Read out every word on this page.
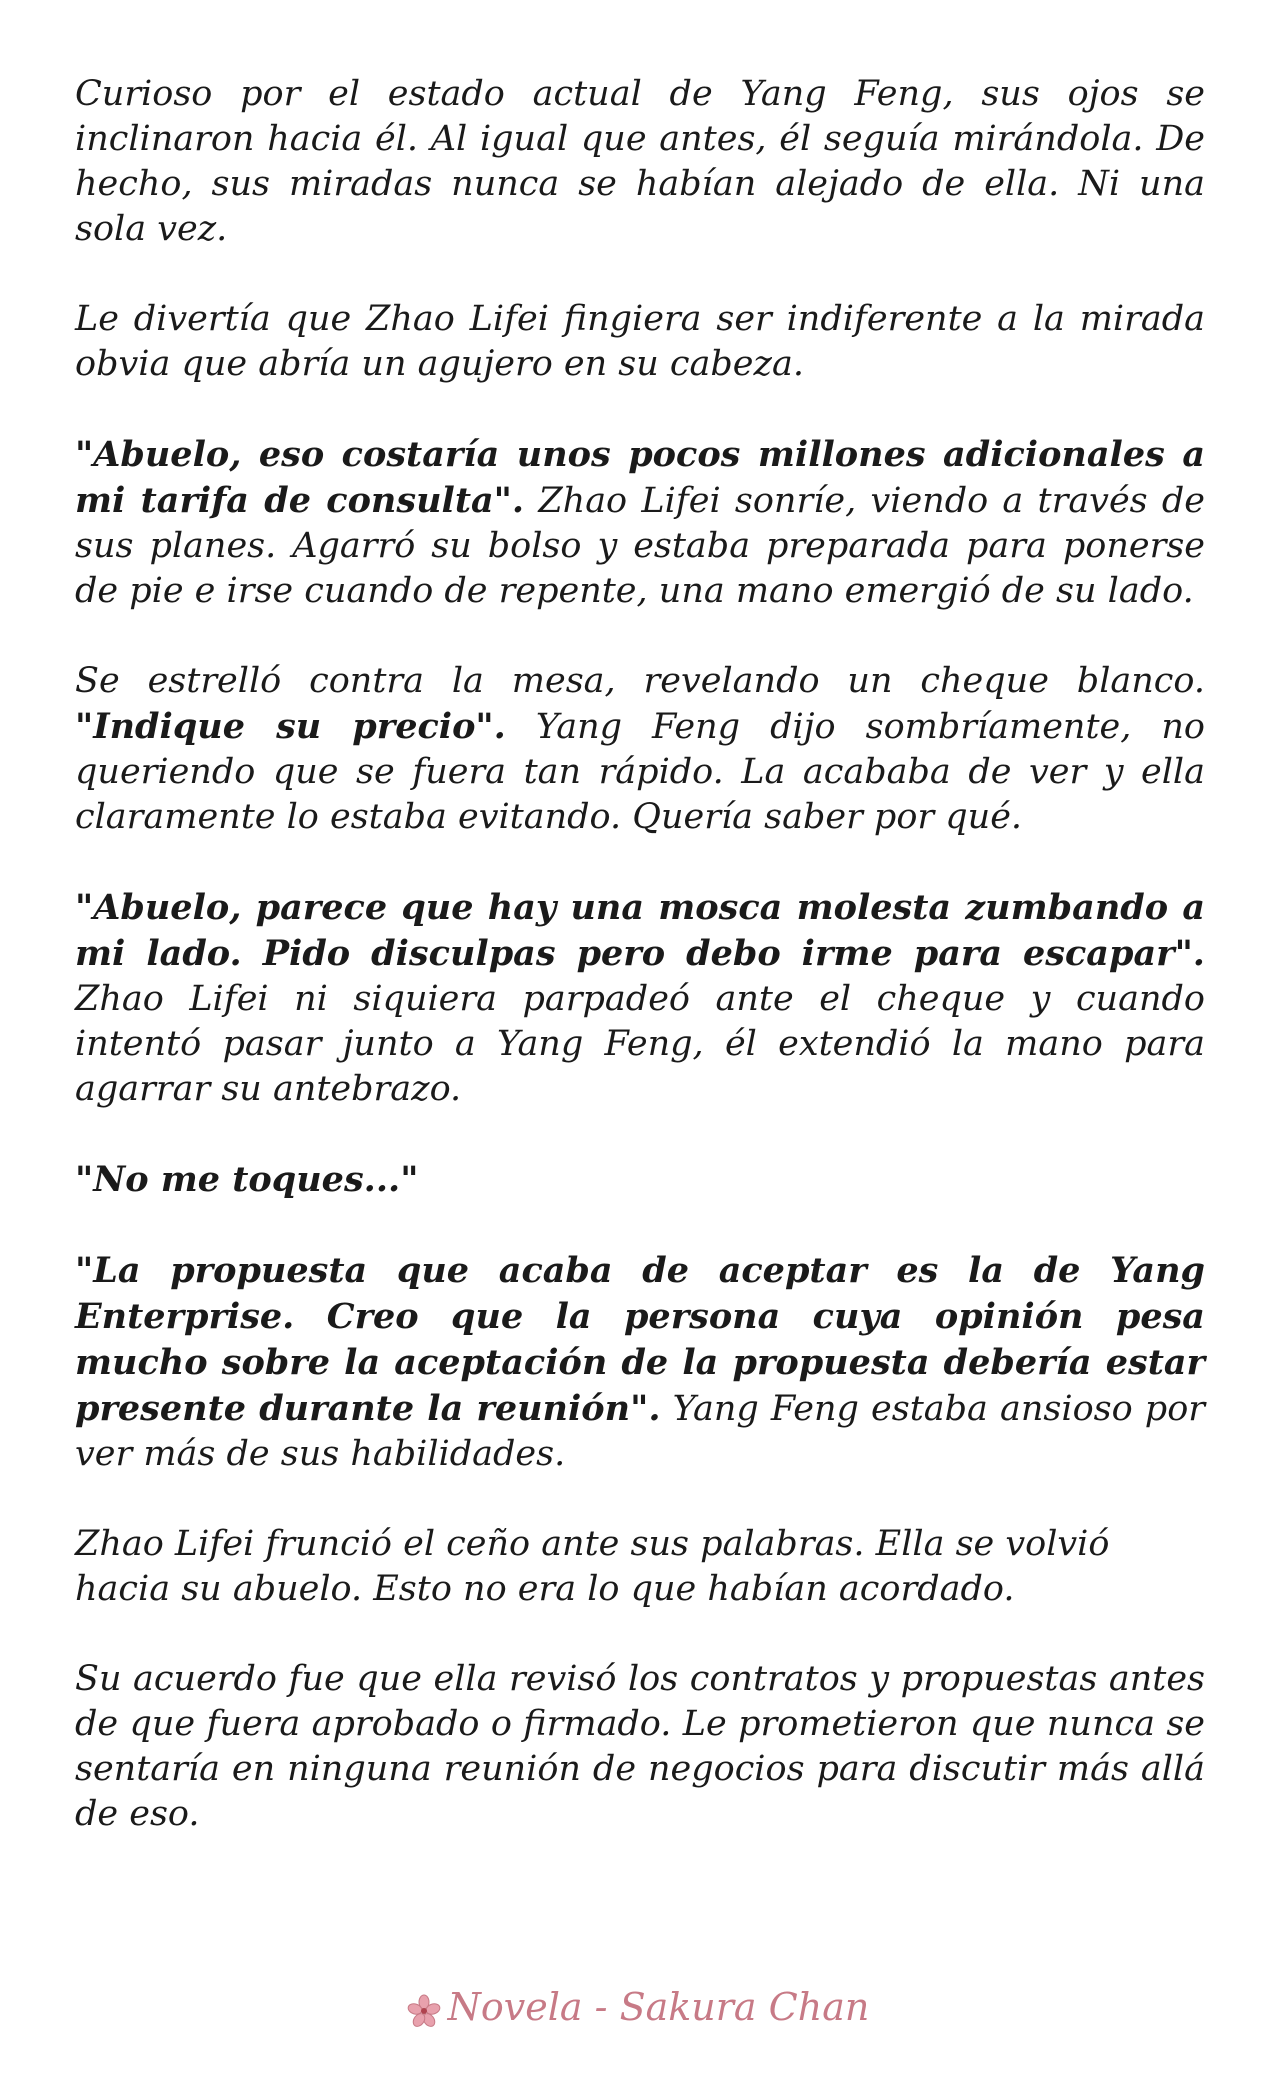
Curioso por el estado actual de Yang Feng, sus ojos se inclinaron hacia él. Al igual que antes, él seguía mirándola. De hecho, sus miradas nunca se habían alejado de ella. Ni una sola vez.

Le divertía que Zhao Lifei fingiera ser indiferente a la mirada obvia que abría un agujero en su cabeza.

"Abuelo, eso costaría unos pocos millones adicionales a mi tarifa de consulta". Zhao Lifei sonríe, viendo a través de sus planes. Agarró su bolso y estaba preparada para ponerse de pie e irse cuando de repente, una mano emergió de su lado.

Se estrelló contra la mesa, revelando un cheque blanco. "Indique su precio". Yang Feng dijo sombríamente, no queriendo que se fuera tan rápido. La acababa de ver y ella claramente lo estaba evitando. Quería saber por qué.

"Abuelo, parece que hay una mosca molesta zumbando a mi lado. Pido disculpas pero debo irme para escapar". Zhao Lifei ni siquiera parpadeó ante el cheque y cuando intentó pasar junto a Yang Feng, él extendió la mano para agarrar su antebrazo.

"No me toques..."

"La propuesta que acaba de aceptar es la de Yang Enterprise. Creo que la persona cuya opinión pesa mucho sobre la aceptación de la propuesta debería estar presente durante la reunión". Yang Feng estaba ansioso por ver más de sus habilidades.

Zhao Lifei frunció el ceño ante sus palabras. Ella se volvió hacia su abuelo. Esto no era lo que habían acordado.

Su acuerdo fue que ella revisó los contratos y propuestas antes de que fuera aprobado o firmado. Le prometieron que nunca se sentaría en ninguna reunión de negocios para discutir más allá de eso.

Novela - Sakura Chan
